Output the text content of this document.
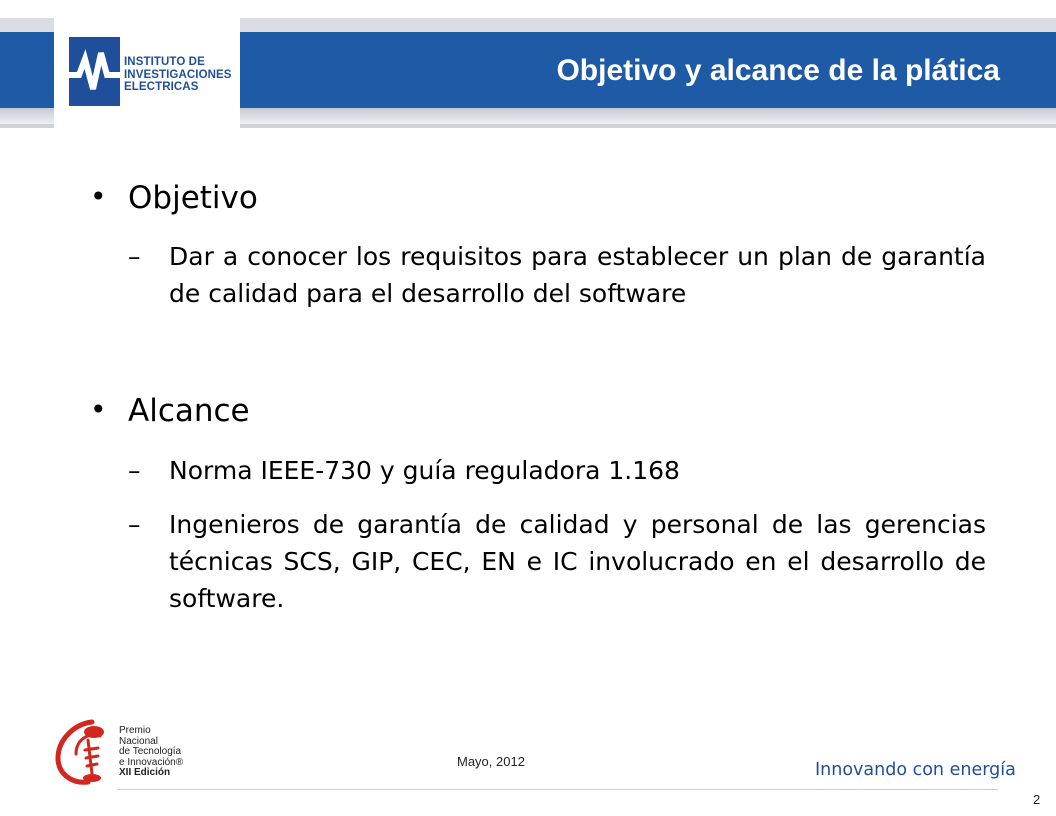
INSTITUTO DE
INVESTIGACIONES
ELECTRICAS	Objetivo y alcance de la plática
• Objetivo
– Dar a conocer los requisitos para establecer un plan de garantía de calidad para el desarrollo del software
• Alcance
– Norma IEEE-730 y guía reguladora 1.168
– Ingenieros de garantía de calidad y personal de las gerencias técnicas SCS, GIP, CEC, EN e IC involucrado en el desarrollo de software.
Premio
Nacional
de Tecnología
e Innovación®
XII Edición
Mayo, 2012	Innovando con energía
2
